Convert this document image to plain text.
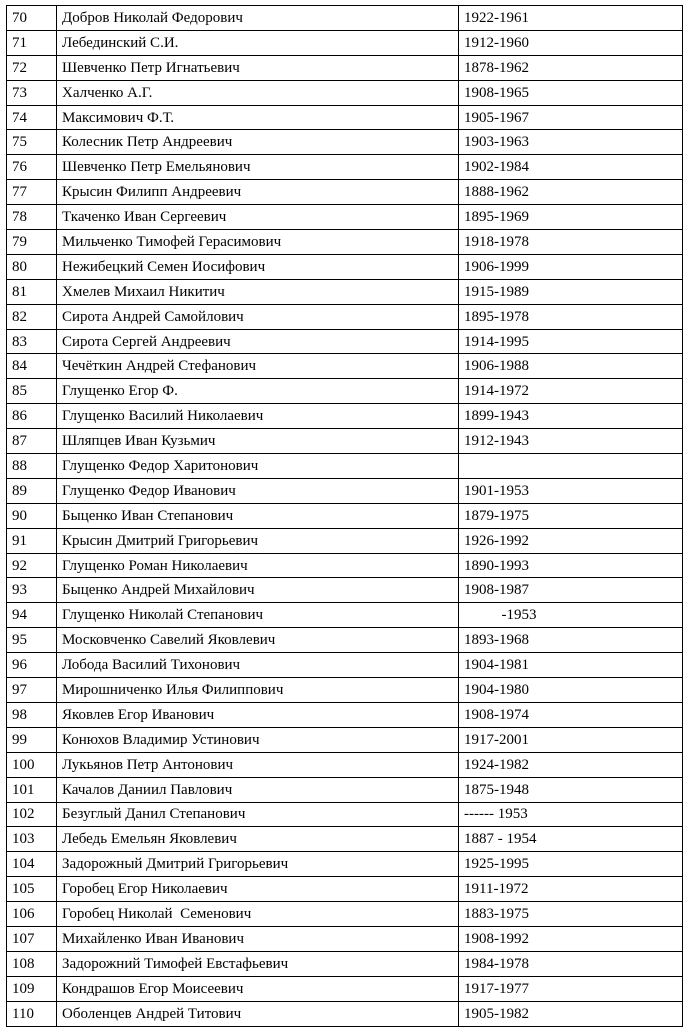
70	Добров Николай Федорович	1922-1961
71	Лебединский С.И.	1912-1960
72	Шевченко Петр Игнатьевич	1878-1962
73	Халченко А.Г.	1908-1965
74	Максимович Ф.Т.	1905-1967
75	Колесник Петр Андреевич	1903-1963
76	Шевченко Петр Емельянович	1902-1984
77	Крысин Филипп Андреевич	1888-1962
78	Ткаченко Иван Сергеевич	1895-1969
79	Мильченко Тимофей Герасимович	1918-1978
80	Нежибецкий Семен Иосифович	1906-1999
81	Хмелев Михаил Никитич	1915-1989
82	Сирота Андрей Самойлович	1895-1978
83	Сирота Сергей Андреевич	1914-1995
84	Чечёткин Андрей Стефанович	1906-1988
85	Глущенко Егор Ф.	1914-1972
86	Глущенко Василий Николаевич	1899-1943
87	Шляпцев Иван Кузьмич	1912-1943
88	Глущенко Федор Харитонович	
89	Глущенко Федор Иванович	1901-1953
90	Быценко Иван Степанович	1879-1975
91	Крысин Дмитрий Григорьевич	1926-1992
92	Глущенко Роман Николаевич	1890-1993
93	Быценко Андрей Михайлович	1908-1987
94	Глущенко Николай Степанович	-1953
95	Московченко Савелий Яковлевич	1893-1968
96	Лобода Василий Тихонович	1904-1981
97	Мирошниченко Илья Филиппович	1904-1980
98	Яковлев Егор Иванович	1908-1974
99	Конюхов Владимир Устинович	1917-2001
100	Лукьянов Петр Антонович	1924-1982
101	Качалов Даниил Павлович	1875-1948
102	Безуглый Данил Степанович	------ 1953
103	Лебедь Емельян Яковлевич	1887 - 1954
104	Задорожный Дмитрий Григорьевич	1925-1995
105	Горобец Егор Николаевич	1911-1972
106	Горобец Николай  Семенович	1883-1975
107	Михайленко Иван Иванович	1908-1992
108	Задорожний Тимофей Евстафьевич	1984-1978
109	Кондрашов Егор Моисеевич	1917-1977
110	Оболенцев Андрей Титович	1905-1982
